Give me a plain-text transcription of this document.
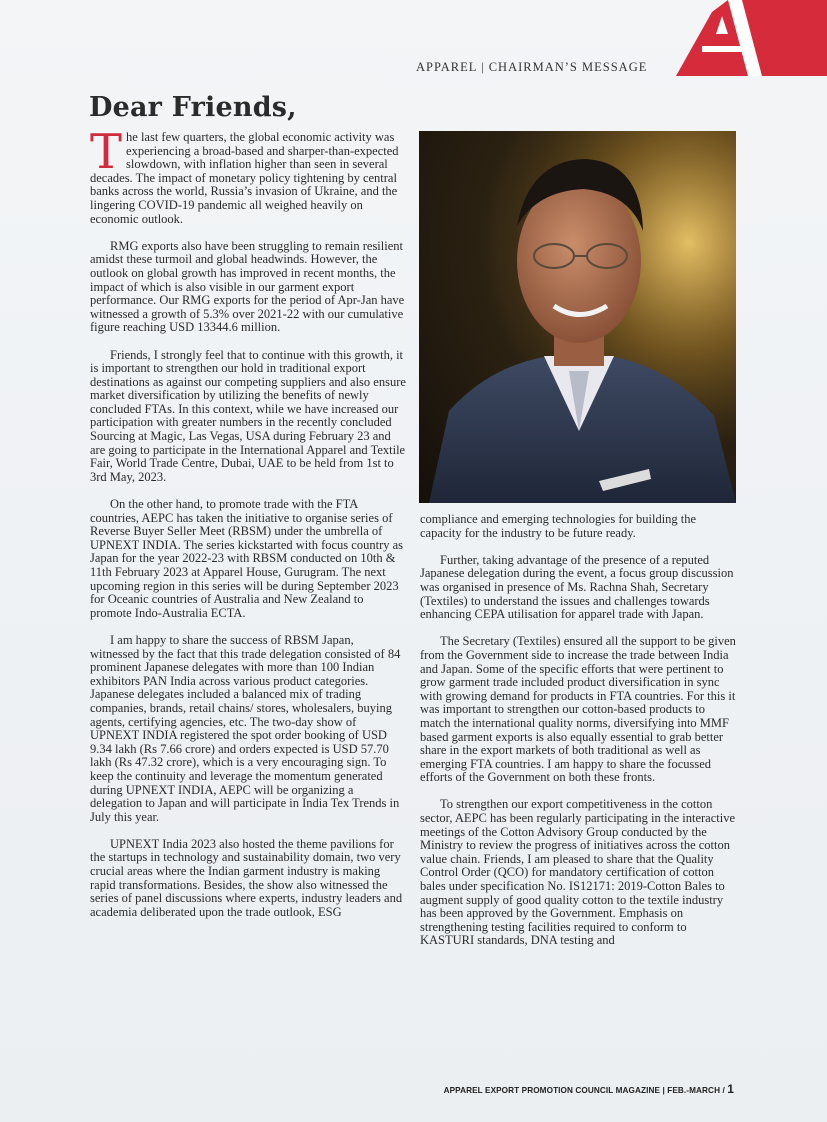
APPAREL | CHAIRMAN’S MESSAGE
Dear Friends,

The last few quarters, the global economic activity was experiencing a broad-based and sharper-than-expected slowdown, with inflation higher than seen in several decades. The impact of monetary policy tightening by central banks across the world, Russia’s invasion of Ukraine, and the lingering COVID-19 pandemic all weighed heavily on economic outlook.

RMG exports also have been struggling to remain resilient amidst these turmoil and global headwinds. However, the outlook on global growth has improved in recent months, the impact of which is also visible in our garment export performance. Our RMG exports for the period of Apr-Jan have witnessed a growth of 5.3% over 2021-22 with our cumulative figure reaching USD 13344.6 million.

Friends, I strongly feel that to continue with this growth, it is important to strengthen our hold in traditional export destinations as against our competing suppliers and also ensure market diversification by utilizing the benefits of newly concluded FTAs. In this context, while we have increased our participation with greater numbers in the recently concluded Sourcing at Magic, Las Vegas, USA during February 23 and are going to participate in the International Apparel and Textile Fair, World Trade Centre, Dubai, UAE to be held from 1st to 3rd May, 2023.

On the other hand, to promote trade with the FTA countries, AEPC has taken the initiative to organise series of Reverse Buyer Seller Meet (RBSM) under the umbrella of UPNEXT INDIA. The series kickstarted with focus country as Japan for the year 2022-23 with RBSM conducted on 10th & 11th February 2023 at Apparel House, Gurugram. The next upcoming region in this series will be during September 2023 for Oceanic countries of Australia and New Zealand to promote Indo-Australia ECTA.

I am happy to share the success of RBSM Japan, witnessed by the fact that this trade delegation consisted of 84 prominent Japanese delegates with more than 100 Indian exhibitors PAN India across various product categories. Japanese delegates included a balanced mix of trading companies, brands, retail chains/ stores, wholesalers, buying agents, certifying agencies, etc. The two-day show of UPNEXT INDIA registered the spot order booking of USD 9.34 lakh (Rs 7.66 crore) and orders expected is USD 57.70 lakh (Rs 47.32 crore), which is a very encouraging sign. To keep the continuity and leverage the momentum generated during UPNEXT INDIA, AEPC will be organizing a delegation to Japan and will participate in India Tex Trends in July this year.

UPNEXT India 2023 also hosted the theme pavilions for the startups in technology and sustainability domain, two very crucial areas where the Indian garment industry is making rapid transformations. Besides, the show also witnessed the series of panel discussions where experts, industry leaders and academia deliberated upon the trade outlook, ESG

compliance and emerging technologies for building the capacity for the industry to be future ready.

Further, taking advantage of the presence of a reputed Japanese delegation during the event, a focus group discussion was organised in presence of Ms. Rachna Shah, Secretary (Textiles) to understand the issues and challenges towards enhancing CEPA utilisation for apparel trade with Japan.

The Secretary (Textiles) ensured all the support to be given from the Government side to increase the trade between India and Japan. Some of the specific efforts that were pertinent to grow garment trade included product diversification in sync with growing demand for products in FTA countries. For this it was important to strengthen our cotton-based products to match the international quality norms, diversifying into MMF based garment exports is also equally essential to grab better share in the export markets of both traditional as well as emerging FTA countries. I am happy to share the focussed efforts of the Government on both these fronts.

To strengthen our export competitiveness in the cotton sector, AEPC has been regularly participating in the interactive meetings of the Cotton Advisory Group conducted by the Ministry to review the progress of initiatives across the cotton value chain. Friends, I am pleased to share that the Quality Control Order (QCO) for mandatory certification of cotton bales under specification No. IS12171: 2019-Cotton Bales to augment supply of good quality cotton to the textile industry has been approved by the Government. Emphasis on strengthening testing facilities required to conform to KASTURI standards, DNA testing and

APPAREL EXPORT PROMOTION COUNCIL MAGAZINE | FEB.-MARCH / 1
